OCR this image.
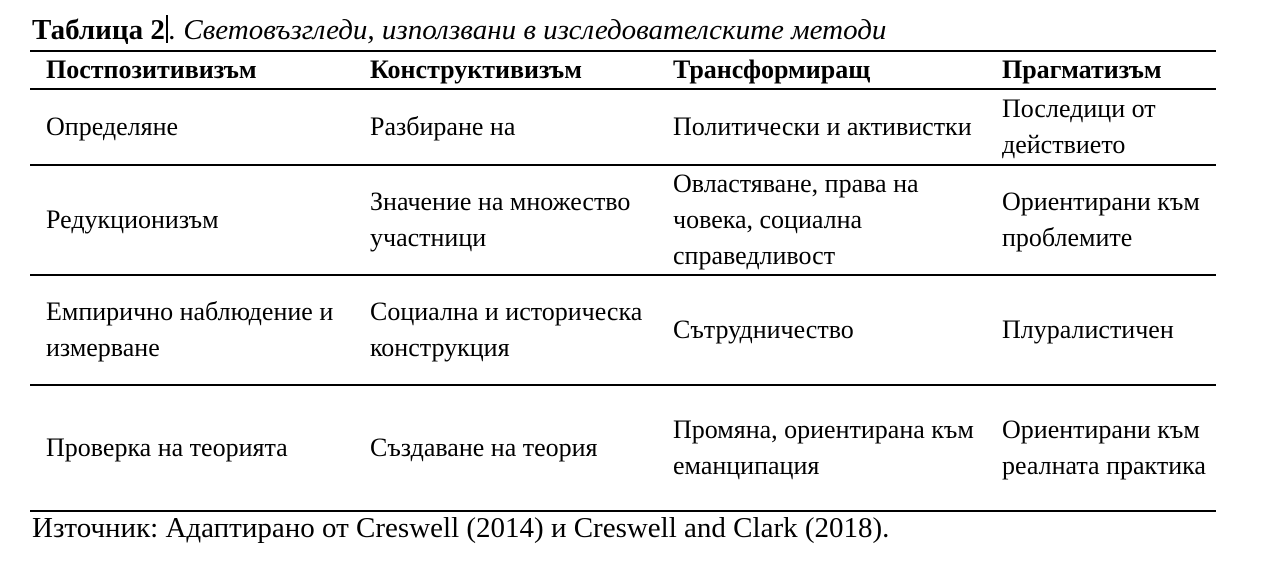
Таблица 2 . Световъзгледи, използвани в изследователските методи
Постпозитивизъм	Конструктивизъм	Трансформиращ	Прагматизъм
Определяне	Разбиране на	Политически и активистки	Последици от действието
Редукционизъм	Значение на множество участници	Овластяване, права на човека, социална справедливост	Ориентирани към проблемите
Емпирично наблюдение и измерване	Социална и историческа конструкция	Сътрудничество	Плуралистичен
Проверка на теорията	Създаване на теория	Промяна, ориентирана към еманципация	Ориентирани към реалната практика
Източник: Адаптирано от Creswell (2014) и Creswell and Clark (2018).
